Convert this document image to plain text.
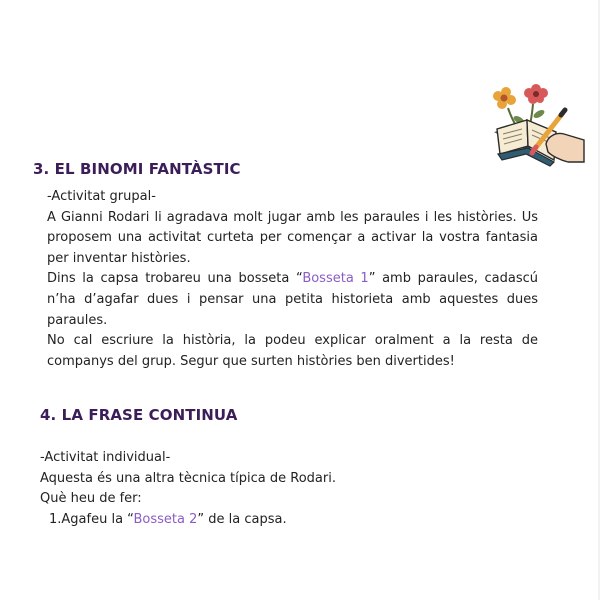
3. EL BINOMI FANTÀSTIC
-Activitat grupal-
A Gianni Rodari li agradava molt jugar amb les paraules i les històries. Us proposem una activitat curteta per començar a activar la vostra fantasia per inventar històries.
Dins la capsa trobareu una bosseta “Bosseta 1” amb paraules, cadascú n’ha d’agafar dues i pensar una petita historieta amb aquestes dues paraules.
No cal escriure la història, la podeu explicar oralment a la resta de companys del grup. Segur que surten històries ben divertides!
4. LA FRASE CONTINUA
-Activitat individual-
Aquesta és una altra tècnica típica de Rodari.
Què heu de fer:
1.Agafeu la “Bosseta 2” de la capsa.
